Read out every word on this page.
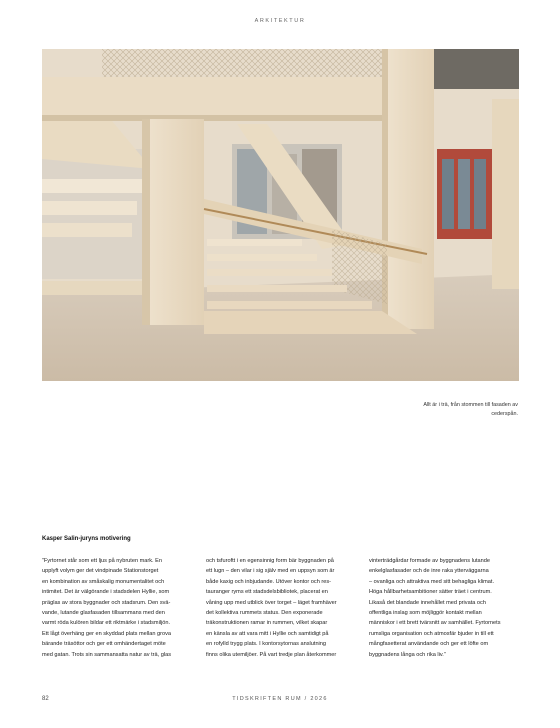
ARKITEKTUR
Allt är i trä, från stommen till fasaden av cederspån.
Kasper Salin-juryns motivering
”Fyrtornet står som ett ljus på nybruten mark. En
upplyft volym ger det vindpinade Stationstorget
en kombination av småskalig monumentalitet och
intimitet. Det är välgörande i stadsdelen Hyllie, som
präglas av stora byggnader och stadsrum. Den svä-
vande, lutande glasfasaden tillsammans med den
varmt röda kulören bildar ett riktmärke i stadsmiljön.
Ett lågt överhäng ger en skyddad plats mellan grova
bärande träsöttor och ger ett omhändertaget möte
med gatan. Trots sin sammansatta natur av trä, glas
och tsfuroftt i en egensinnig form bär byggnaden på
ett lugn – den vilar i sig själv med en uppsyn som är
både kaxig och inbjudande. Utöver kontor och res-
tauranger ryms ett stadsdelsbibliotek, placerat en
våning upp med utblick över torget – läget framhäver
det kollektiva rummets status. Den exponerade
träkonstruktionen ramar in rummen, vilket skapar
en känsla av att vara mitt i Hyllie och samtidigt på
en rofylld trygg plats. I kontorsytornas anslutning
finns olika utemiljöer. På vart tredje plan återkommer
vinterträdgårdar formade av byggnadens lutande
enkelglasfasader och de inre raka ytterväggarna
– ovanliga och attraktiva med sitt behagliga klimat.
Höga hållbarhetsambitioner sätter träet i centrum.
Likaså det blandade innehållet med privata och
offentliga inslag som möjliggör kontakt mellan
människor i ett brett tvärsnitt av samhället. Fyrtornets
rumsliga organisation och atmosfär bjuder in till ett
mångfasetterat användande och ger ett löfte om
byggnadens långa och rika liv.”
82	TIDSKRIFTEN RUM / 2026
